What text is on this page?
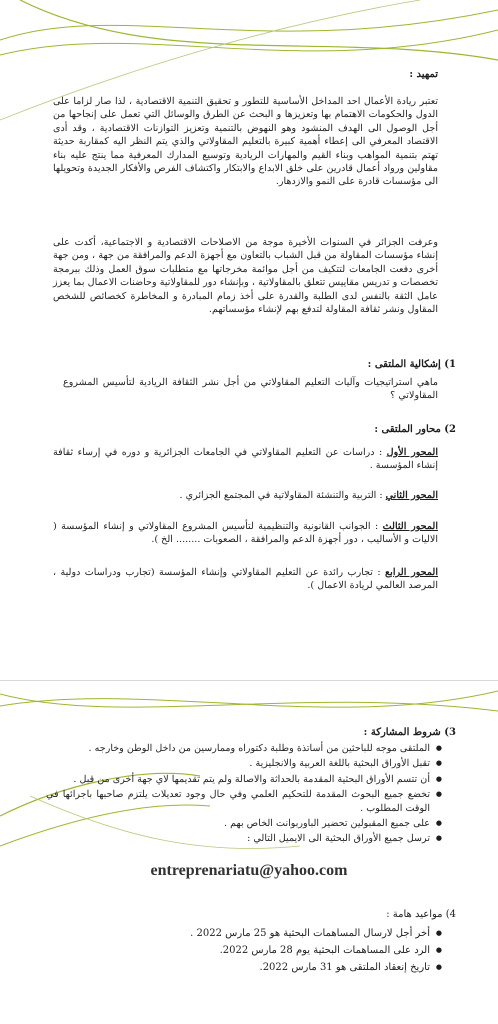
تمهيد :
تعتبر ريادة الأعمال احد المداخل الأساسية للتطور و تحقيق التنمية الاقتصادية ، لذا صار لزاما على الدول والحكومات الاهتمام بها وتعزيزها و البحث عن الطرق والوسائل التي تعمل على إنجاحها من أجل الوصول الى الهدف المنشود وهو النهوض بالتنمية وتعزيز التوازنات الاقتصادية ، وقد أدى الاقتصاد المعرفي الى إعطاء أهمية كبيرة بالتعليم المقاولاتي والذي يتم النظر اليه كمقاربة حديثة تهتم بتنمية المواهب وبناء القيم والمهارات الريادية وتوسيع المدارك المعرفية مما ينتج عليه بناء مقاولين ورواد أعمال قادرين على خلق الابداع والابتكار واكتشاف الفرص والأفكار الجديدة وتحويلها الى مؤسسات قادرة على النمو والازدهار.
وعرفت الجزائر في السنوات الأخيرة موجة من الاصلاحات الاقتصادية و الاجتماعية، أكدت على إنشاء مؤسسات المقاولة من قبل الشباب بالتعاون مع أجهزة الدعم والمرافقة من جهة ، ومن جهة أخرى دفعت الجامعات لتتكيف من أجل موائمة مخرجاتها مع متطلبات سوق العمل وذلك ببرمجة تخصصات و تدريس مقاييس تتعلق بالمقاولاتية ، وبإنشاء دور للمقاولاتية وحاضنات الاعمال بما يعزز عامل الثقة بالنفس لدى الطلبة والقدرة على أخذ زمام المبادرة و المخاطرة كخصائص للشخص المقاول ونشر ثقافة المقاولة لتدفع بهم لإنشاء مؤسساتهم.
1) إشكالية الملتقى :
ماهي استراتيجيات وآليات التعليم المقاولاتي من أجل نشر الثقافة الريادية لتأسيس المشروع المقاولاتي ؟
2) محاور الملتقى :
المحور الأول : دراسات عن التعليم المقاولاتي في الجامعات الجزائرية و دوره في إرساء ثقافة إنشاء المؤسسة .
المحور الثاني : التربية والتنشئة المقاولاتية في المجتمع الجزائري .
المحور الثالث : الجوانب القانونية والتنظيمية لتأسيس المشروع المقاولاتي و إنشاء المؤسسة ( الاليات و الأساليب ، دور أجهزة الدعم والمرافقة ، الصعوبات ........ الخ ).
المحور الرابع : تجارب رائدة عن التعليم المقاولاتي وإنشاء المؤسسة (تجارب ودراسات دولية ، المرصد العالمي لريادة الاعمال ).
3) شروط المشاركة :
● الملتقى موجه للباحثين من أساتذة وطلبة دكتوراه وممارسين من داخل الوطن وخارجه .
● تقبل الأوراق البحثية باللغة العربية والانجليزية .
● أن تتسم الأوراق البحثية المقدمة بالحداثة والاصالة ولم يتم تقديمها لاي جهة أخرى من قبل .
● تخضع جميع البحوث المقدمة للتحكيم العلمي وفي حال وجود تعديلات يلتزم صاحبها باجرائها في الوقت المطلوب .
● على جميع المقبولين تحضير الباوربوانت الخاص بهم .
● ترسل جميع الأوراق البحثية الى الايميل التالي :
entreprenariatu@yahoo.com
4) مواعيد هامة :
● أخر أجل لارسال المساهمات البحثية هو 25 مارس 2022 .
● الرد على المساهمات البحثية يوم 28 مارس 2022.
● تاريخ إنعقاد الملتقى هو 31 مارس 2022.
